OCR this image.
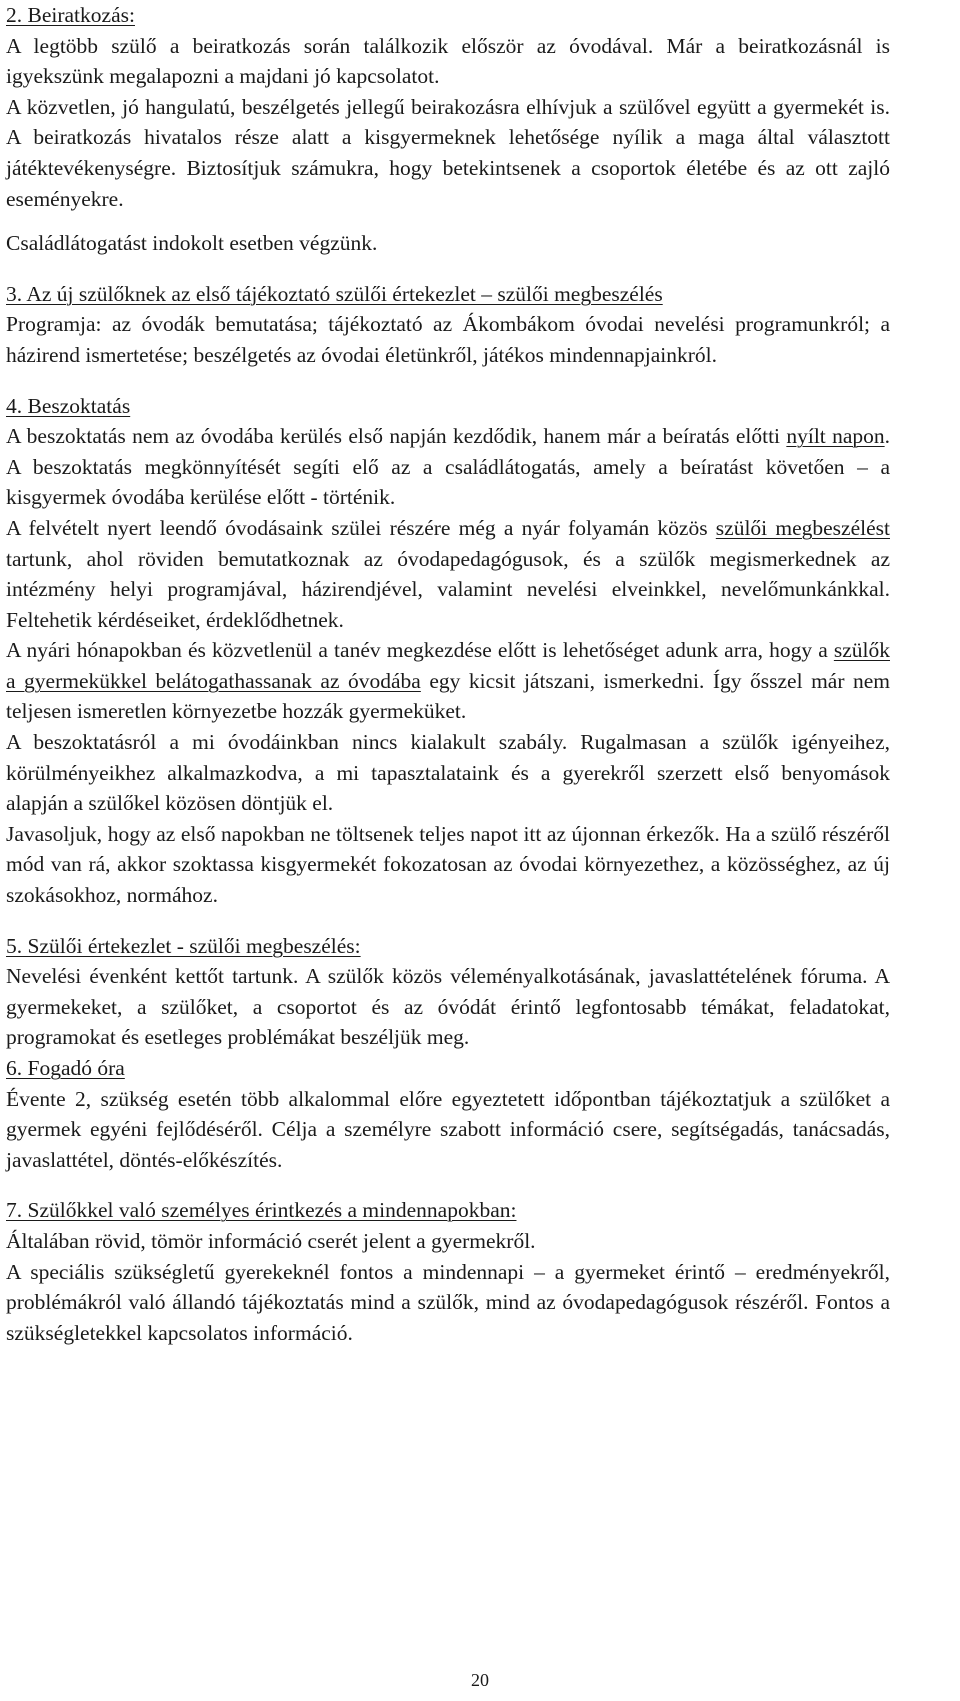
2. Beiratkozás:

A legtöbb szülő a beiratkozás során találkozik először az óvodával. Már a beiratkozásnál is igyekszünk megalapozni a majdani jó kapcsolatot.

A közvetlen, jó hangulatú, beszélgetés jellegű beirakozásra elhívjuk a szülővel együtt a gyermekét is. A beiratkozás hivatalos része alatt a kisgyermeknek lehetősége nyílik a maga által választott játéktevékenységre. Biztosítjuk számukra, hogy betekintsenek a csoportok életébe és az ott zajló eseményekre.

Családlátogatást indokolt esetben végzünk.

3. Az új szülőknek az első tájékoztató szülői értekezlet – szülői megbeszélés

Programja: az óvodák bemutatása; tájékoztató az Ákombákom óvodai nevelési programunkról; a házirend ismertetése; beszélgetés az óvodai életünkről, játékos mindennapjainkról.

4. Beszoktatás

A beszoktatás nem az óvodába kerülés első napján kezdődik, hanem már a beíratás előtti nyílt napon. A beszoktatás megkönnyítését segíti elő az a családlátogatás, amely a beíratást követően – a kisgyermek óvodába kerülése előtt - történik.

A felvételt nyert leendő óvodásaink szülei részére még a nyár folyamán közös szülői megbeszélést tartunk, ahol röviden bemutatkoznak az óvodapedagógusok, és a szülők megismerkednek az intézmény helyi programjával, házirendjével, valamint nevelési elveinkkel, nevelőmunkánkkal. Feltehetik kérdéseiket, érdeklődhetnek.

A nyári hónapokban és közvetlenül a tanév megkezdése előtt is lehetőséget adunk arra, hogy a szülők a gyermekükkel belátogathassanak az óvodába egy kicsit játszani, ismerkedni. Így ősszel már nem teljesen ismeretlen környezetbe hozzák gyermeküket.

A beszoktatásról a mi óvodáinkban nincs kialakult szabály. Rugalmasan a szülők igényeihez, körülményeikhez alkalmazkodva, a mi tapasztalataink és a gyerekről szerzett első benyomások alapján a szülőkel közösen döntjük el.

Javasoljuk, hogy az első napokban ne töltsenek teljes napot itt az újonnan érkezők. Ha a szülő részéről mód van rá, akkor szoktassa kisgyermekét fokozatosan az óvodai környezethez, a közösséghez, az új szokásokhoz, normához.

5. Szülői értekezlet - szülői megbeszélés:

Nevelési évenként kettőt tartunk. A szülők közös véleményalkotásának, javaslattételének fóruma. A gyermekeket, a szülőket, a csoportot és az óvódát érintő legfontosabb témákat, feladatokat, programokat és esetleges problémákat beszéljük meg.

6. Fogadó óra

Évente 2, szükség esetén több alkalommal előre egyeztetett időpontban tájékoztatjuk a szülőket a gyermek egyéni fejlődéséről. Célja a személyre szabott információ csere, segítségadás, tanácsadás, javaslattétel, döntés-előkészítés.

7. Szülőkkel való személyes érintkezés a mindennapokban:

Általában rövid, tömör információ cserét jelent a gyermekről.

A speciális szükségletű gyerekeknél fontos a mindennapi – a gyermeket érintő – eredményekről, problémákról való állandó tájékoztatás mind a szülők, mind az óvodapedagógusok részéről. Fontos a szükségletekkel kapcsolatos információ.

20
